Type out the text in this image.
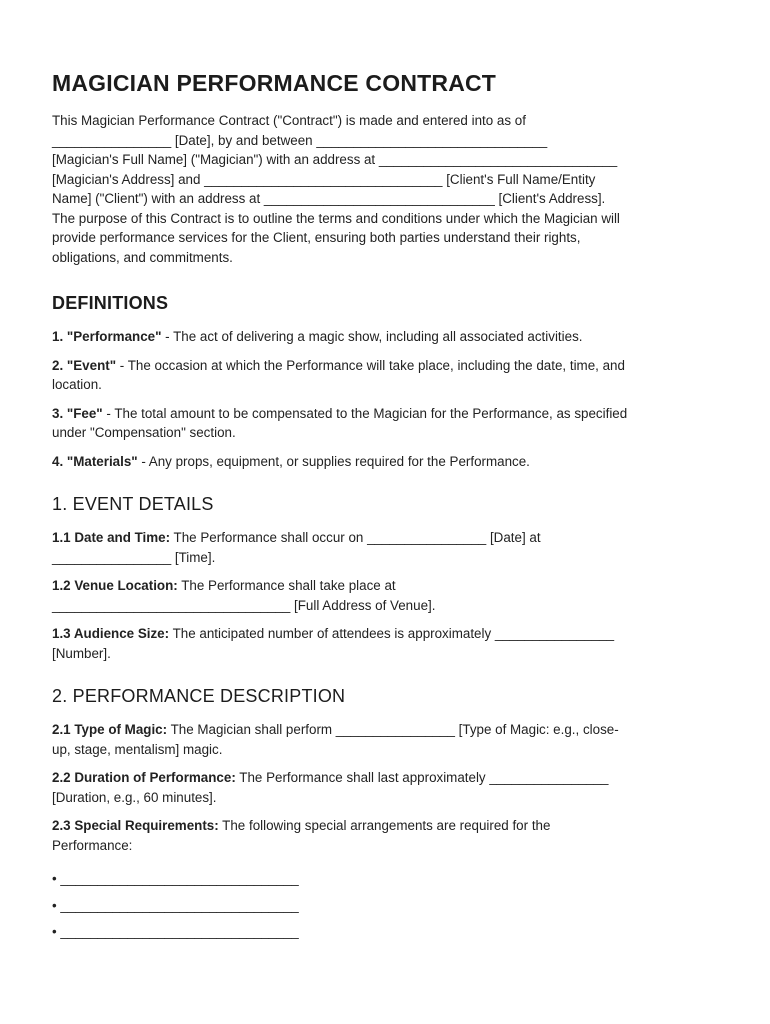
MAGICIAN PERFORMANCE CONTRACT

This Magician Performance Contract ("Contract") is made and entered into as of

________________ [Date], by and between _______________________________

[Magician's Full Name] ("Magician") with an address at ________________________________

[Magician's Address] and ________________________________ [Client's Full Name/Entity

Name] ("Client") with an address at _______________________________ [Client's Address].

The purpose of this Contract is to outline the terms and conditions under which the Magician will

provide performance services for the Client, ensuring both parties understand their rights,

obligations, and commitments.

DEFINITIONS

1. "Performance" - The act of delivering a magic show, including all associated activities.

2. "Event" - The occasion at which the Performance will take place, including the date, time, and

location.

3. "Fee" - The total amount to be compensated to the Magician for the Performance, as specified

under "Compensation" section.

4. "Materials" - Any props, equipment, or supplies required for the Performance.

1. EVENT DETAILS

1.1 Date and Time: The Performance shall occur on ________________ [Date] at

________________ [Time].

1.2 Venue Location: The Performance shall take place at

________________________________ [Full Address of Venue].

1.3 Audience Size: The anticipated number of attendees is approximately ________________

[Number].

2. PERFORMANCE DESCRIPTION

2.1 Type of Magic: The Magician shall perform ________________ [Type of Magic: e.g., close-

up, stage, mentalism] magic.

2.2 Duration of Performance: The Performance shall last approximately ________________

[Duration, e.g., 60 minutes].

2.3 Special Requirements: The following special arrangements are required for the

Performance:

• ________________________________

• ________________________________

• ________________________________
